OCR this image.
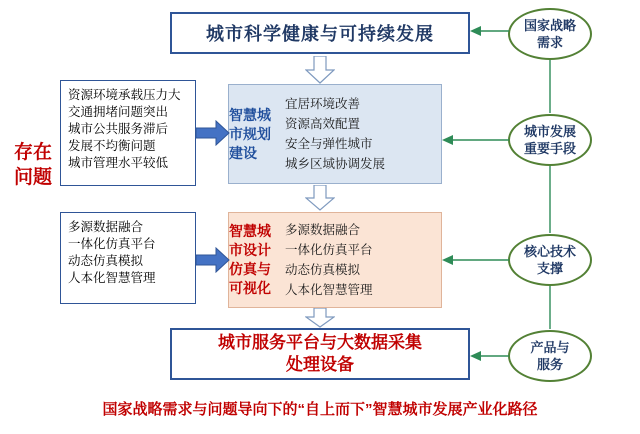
城市科学健康与可持续发展
存在问题
资源环境承载压力大
交通拥堵问题突出
城市公共服务滞后
发展不均衡问题
城市管理水平较低
多源数据融合
一体化仿真平台
动态仿真模拟
人本化智慧管理
智慧城市规划建设
宜居环境改善
资源高效配置
安全与弹性城市
城乡区域协调发展
智慧城市设计仿真与可视化
多源数据融合
一体化仿真平台
动态仿真模拟
人本化智慧管理
城市服务平台与大数据采集
处理设备
国家战略
需求
城市发展
重要手段
核心技术
支撑
产品与
服务
国家战略需求与问题导向下的“自上而下”智慧城市发展产业化路径
